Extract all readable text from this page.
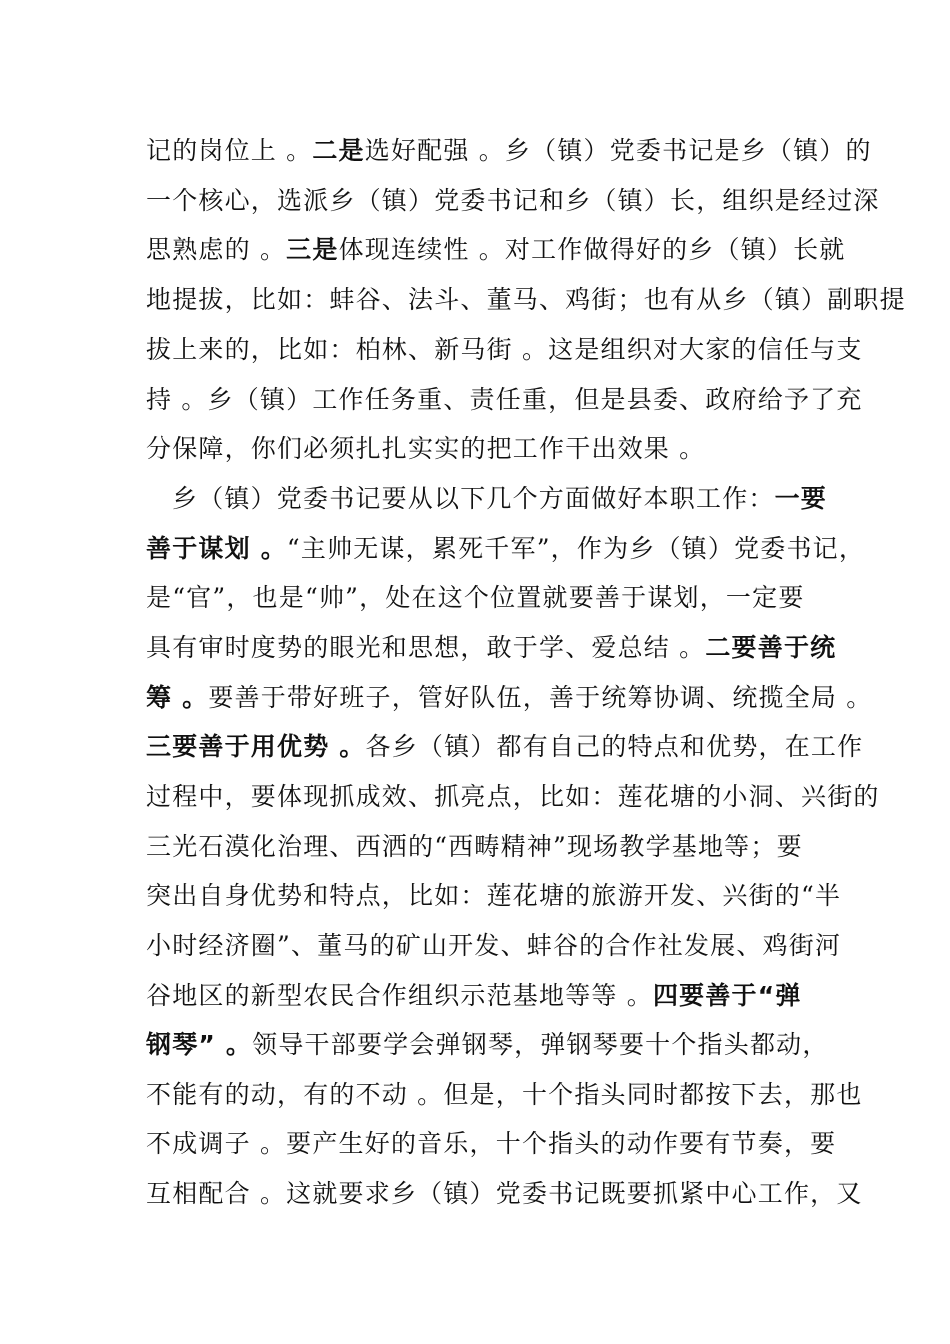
记的岗位上 。二是选好配强 。乡（镇）党委书记是乡（镇）的
一个核心，选派乡（镇）党委书记和乡（镇）长，组织是经过深
思熟虑的 。三是体现连续性 。对工作做得好的乡（镇）长就
地提拔，比如：蚌谷、法斗、董马、鸡街；也有从乡（镇）副职提
拔上来的，比如：柏林、新马街 。这是组织对大家的信任与支
持 。乡（镇）工作任务重、责任重，但是县委、政府给予了充
分保障，你们必须扎扎实实的把工作干出效果 。
乡（镇）党委书记要从以下几个方面做好本职工作：一要
善于谋划 。“主帅无谋，累死千军”，作为乡（镇）党委书记，
是“官”，也是“帅”，处在这个位置就要善于谋划，一定要
具有审时度势的眼光和思想，敢于学、爱总结 。二要善于统
筹 。要善于带好班子，管好队伍，善于统筹协调、统揽全局 。
三要善于用优势 。各乡（镇）都有自己的特点和优势，在工作
过程中，要体现抓成效、抓亮点，比如：莲花塘的小洞、兴街的
三光石漠化治理、西洒的“西畴精神”现场教学基地等；要
突出自身优势和特点，比如：莲花塘的旅游开发、兴街的“半
小时经济圈”、董马的矿山开发、蚌谷的合作社发展、鸡街河
谷地区的新型农民合作组织示范基地等等 。四要善于“弹
钢琴” 。领导干部要学会弹钢琴，弹钢琴要十个指头都动，
不能有的动，有的不动 。但是，十个指头同时都按下去，那也
不成调子 。要产生好的音乐，十个指头的动作要有节奏，要
互相配合 。这就要求乡（镇）党委书记既要抓紧中心工作，又
